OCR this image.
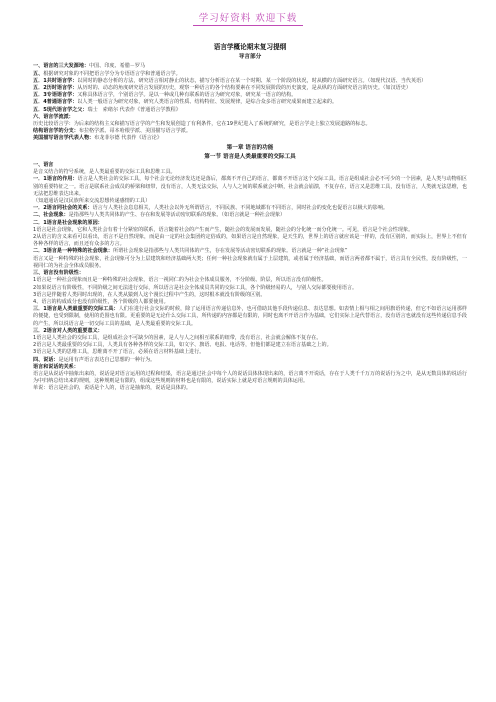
学习好资料 欢迎下载
语言学概论期末复习提纲
导言部分

一、语言的三大发源地：中国、印度、希腊－罗马

五、根据研究对象的不同把语言学分为专语语言学和普通语言学。

五．1共时语言学：以同时的静态分析的方法，研究语言相对静止的状态，描写分析语言在某一个时期、某一个阶段的状况，时从横的方面研究语言。（如现代汉语、当代英语）

五．2历时语言学：从历时的、动态的角度研究语言发展的历史，观察一种语言的各个结构要素在不同发展阶段的历史演变，是从纵的方面研究语言的历史。（如汉语史）

五．3专语语言学：又称具体语言学，个别语言学。是以一种或几种有联系的语言为研究对象，研究某一语言的结构。

五．4普通语言学：以人类一般语言为研究对象，研究人类语言的性质、结构特征、发展规律，是综合众多语言研究成果而建立起来的。

五．5现代语言学之父：瑞士　索绪尔 代表作《普通语言学教程》

六、语言学流派：

历史比较语言学：为后来的结构主义和描写语言学的产生和发展创造了有利条件，它在19世纪进入了系统的研究，是语言学走上独立发展道路的标志。

结构语言学的分支：布拉格学派、哥本哈根学派、美国描写语言学派。

美国描写语言学代表人物：布龙菲尔德 代表作《语言论》

第一章 语言的功能
第一节 语言是人类最重要的交际工具

一、语言

是音义结合的符号系统，是人类最重要的交际工具和思维工具。

一．1语言的作用：语言是人类社会的交际工具，每个社会无论经济发达还是落后，都离不开自己的语言，都离不开语言这个交际工具。语言是组成社会必不可少的一个因素，是人类与动物相区别的重要特征之一。语言是联系社会成员的桥梁和纽带，没有语言，人类无法交际，人与人之间的联系就会中断，社会就会崩溃，不复存在，语言又是思维工具，没有语言，人类就无法思维，也无法把思维表达出来。

（知道通话是汉民族所来交流思想传递感情的工具）

一．2语言同社会的关系：语言与人类社会息息相关，人类社会以外无所谓语言，不同民族、不同地域都有不同语言，同时社会的变化也促语言以极大的影响。

二、社会现象：是指那些与人类共同体的产生、存在和发展等活动密切联系的现象。（如语言就是一种社会现象）

二．1语言是社会现象的原因：

1语言是社会现象，它和人类社会有着十分紧密的联系，语言随着社会的产生而产生，随社会的发展而发展，随社会的分化统一而分化统一。可见，语言是个社会性现象。

2从语言的含义来看可以看出，语言不是自然现象，而是由一定的社会集团约定俗成的，如果语言是自然现象，是天生的，世界上的语言就应该是一样的，没有区别的，而实际上，世界上不但有各种各样的语言，而且还有众多的方言。

二．3语言是一种特殊的社会现象：所谓社会现象是指那些与人类共同体的产生，存在发展等活动密切联系的现象。语言就是一种“社会现象”

语言又是一种特殊的社会现象，社会现象可分为上层建筑和经济基础两大类；任何一种社会现象就有属于上层建筑，或者属于经济基础，而语言两者都不属于，语言具有全民性，没有阶级性，一视同仁的为社会全体成员服务。

三、语言没有阶级性：

1语言是一种社会现象而且是一种特殊的社会现象，语言一视同仁的为社会全体成员服务，不分阶级、阶层，所以语言没有阶级性。

2如果说语言有阶级性，不同阶级之间无法进行交际，所以语言是社会全体成员共同的交际工具，各个阶级轻易的人，与别人交际都要使用语言。

3语言是伴随着人类同时出现的，在人类从猿到人这个漫长过程中产生的，这时根本就没有阶级的区别。

4、语言的构成成分也没有阶级性，各个阶级的人都要使用。

三．1语言是人类最重要的交际工具：人们在进行社会交际的时候，除了运用语言传递信息外，也可借助其他手段传递信息、表达思想。如表情上相与相之间用旗语传递，但它不如语言运用那样的便捷，也受到限制，使用的范围也有限。更重要的是无论什么交际工具，所传递的内容都是有限的，同时也离不开语言作为基础，它们实际上是代替语言，没有语言也就没有这些传递信息手段的产生，所以说语言是一切交际工具的基础，是人类最重要的交际工具。

三．2语言对人类的重要意义：

1语言是人类社会的交际工具，是组成社会不可缺少的因素，是人与人之间相互联系的纽带，没有语言，社会就会解体不复存在。

2语言是人类最重要的交际工具，人类具有各种各样的交际工具，如文字、旗语、电报、电话等，但他们都是建立在语言基础之上的。

3语言是人类的思维工具，思维离不开了语言，必须在语言材料基础上进行。

四、说话：是运用有声语言表达自己思想的一种行为。

语言和说话的关系：

语言是从说话中抽象出来的，说话是对语言运用的过程和结果，语言是通过社会中每个人的说话具体体现出来的，语言离不开说话，存在于人类千千万万的说话行为之中，是从无数具体的说话行为中归纳总结出来的规则，这种规则是有限的，组成这些规则的材料也是有限的，说话实际上就是对语言规则的具体运用。

单说：语言是社会的，说话是个人的，语言是抽象的，说话是具体的。
